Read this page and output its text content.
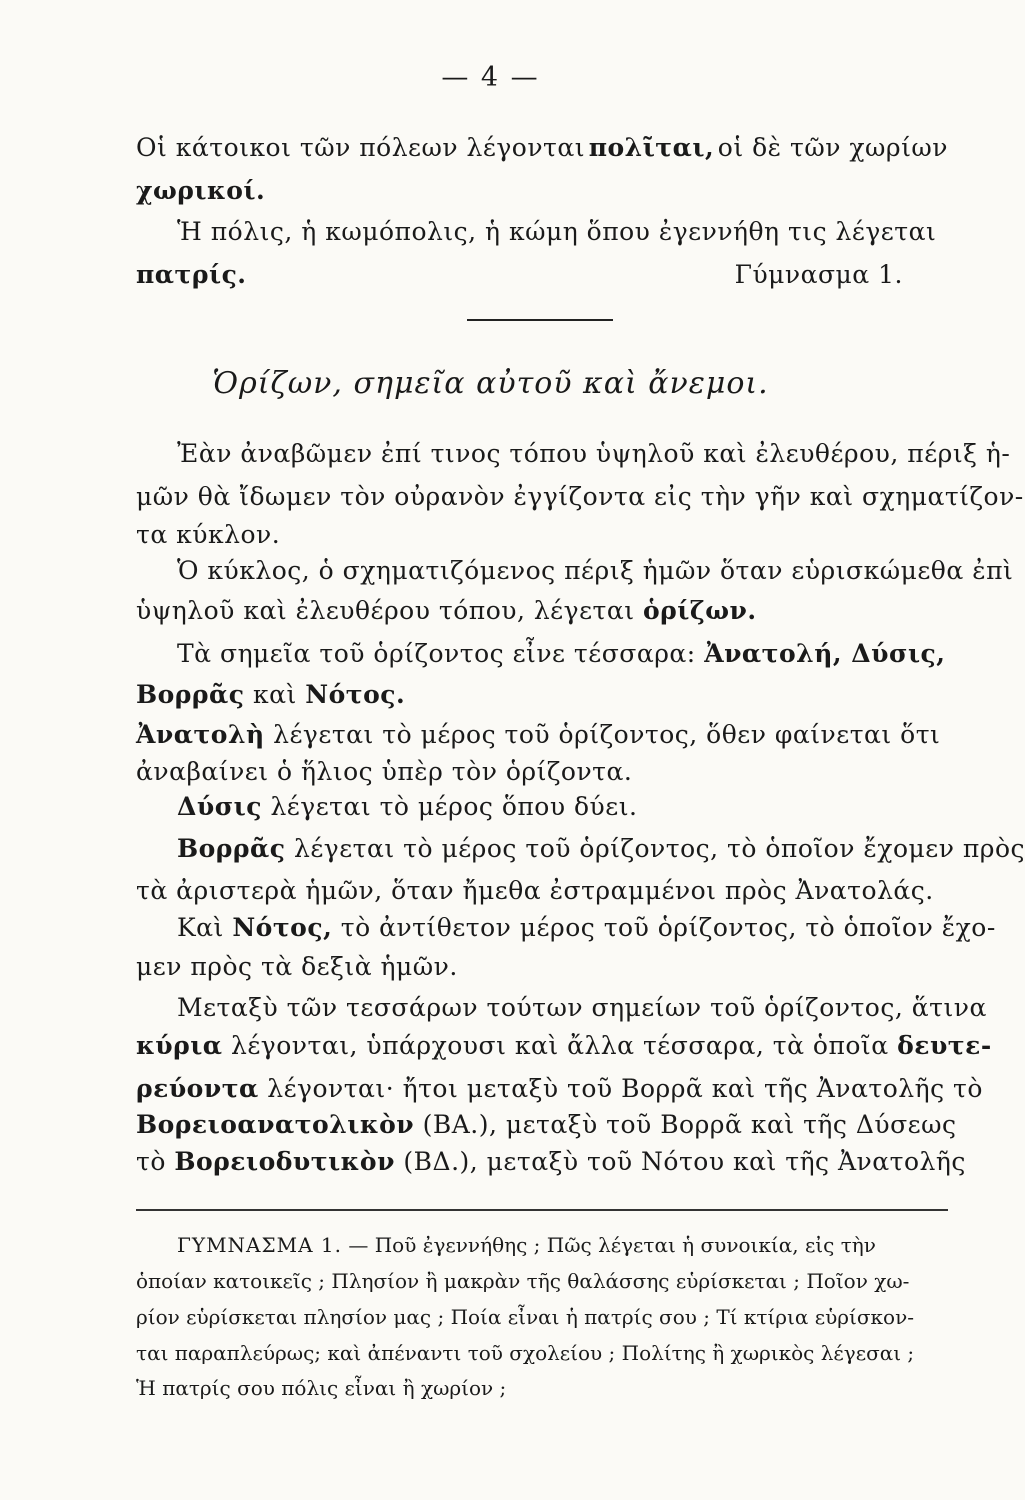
— 4 —
Οἱ κάτοικοι τῶν πόλεων λέγονται πολῖται, οἱ δὲ τῶν χωρίων
χωρικοί.
Ἡ πόλις, ἡ κωμόπολις, ἡ κώμη ὅπου ἐγεννήθη τις λέγεται
πατρίς.	Γύμνασμα 1.
Ὁρίζων, σημεῖα αὐτοῦ καὶ ἄνεμοι.
Ἐὰν ἀναβῶμεν ἐπί τινος τόπου ὑψηλοῦ καὶ ἐλευθέρου, πέριξ ἡ-
μῶν θὰ ἴδωμεν τὸν οὐρανὸν ἐγγίζοντα εἰς τὴν γῆν καὶ σχηματίζον-
τα κύκλον.
Ὁ κύκλος, ὁ σχηματιζόμενος πέριξ ἡμῶν ὅταν εὑρισκώμεθα ἐπὶ
ὑψηλοῦ καὶ ἐλευθέρου τόπου, λέγεται ὁρίζων.
Τὰ σημεῖα τοῦ ὁρίζοντος εἶνε τέσσαρα: Ἀνατολή, Δύσις,
Βορρᾶς καὶ Νότος.
Ἀνατολὴ λέγεται τὸ μέρος τοῦ ὁρίζοντος, ὅθεν φαίνεται ὅτι
ἀναβαίνει ὁ ἥλιος ὑπὲρ τὸν ὁρίζοντα.
Δύσις λέγεται τὸ μέρος ὅπου δύει.
Βορρᾶς λέγεται τὸ μέρος τοῦ ὁρίζοντος, τὸ ὁποῖον ἔχομεν πρὸς
τὰ ἀριστερὰ ἡμῶν, ὅταν ἤμεθα ἐστραμμένοι πρὸς Ἀνατολάς.
Καὶ Νότος, τὸ ἀντίθετον μέρος τοῦ ὁρίζοντος, τὸ ὁποῖον ἔχο-
μεν πρὸς τὰ δεξιὰ ἡμῶν.
Μεταξὺ τῶν τεσσάρων τούτων σημείων τοῦ ὁρίζοντος, ἅτινα
κύρια λέγονται, ὑπάρχουσι καὶ ἄλλα τέσσαρα, τὰ ὁποῖα δευτε-
ρεύοντα λέγονται· ἤτοι μεταξὺ τοῦ Βορρᾶ καὶ τῆς Ἀνατολῆς τὸ
Βορειοανατολικὸν (ΒΑ.), μεταξὺ τοῦ Βορρᾶ καὶ τῆς Δύσεως
τὸ Βορειοδυτικὸν (ΒΔ.), μεταξὺ τοῦ Νότου καὶ τῆς Ἀνατολῆς
ΓΥΜΝΑΣΜΑ 1. — Ποῦ ἐγεννήθης ; Πῶς λέγεται ἡ συνοικία, εἰς τὴν
ὁποίαν κατοικεῖς ; Πλησίον ἢ μακρὰν τῆς θαλάσσης εὑρίσκεται ; Ποῖον χω-
ρίον εὑρίσκεται πλησίον μας ; Ποία εἶναι ἡ πατρίς σου ; Τί κτίρια εὑρίσκον-
ται παραπλεύρως; καὶ ἀπέναντι τοῦ σχολείου ; Πολίτης ἢ χωρικὸς λέγεσαι ;
Ἡ πατρίς σου πόλις εἶναι ἢ χωρίον ;
